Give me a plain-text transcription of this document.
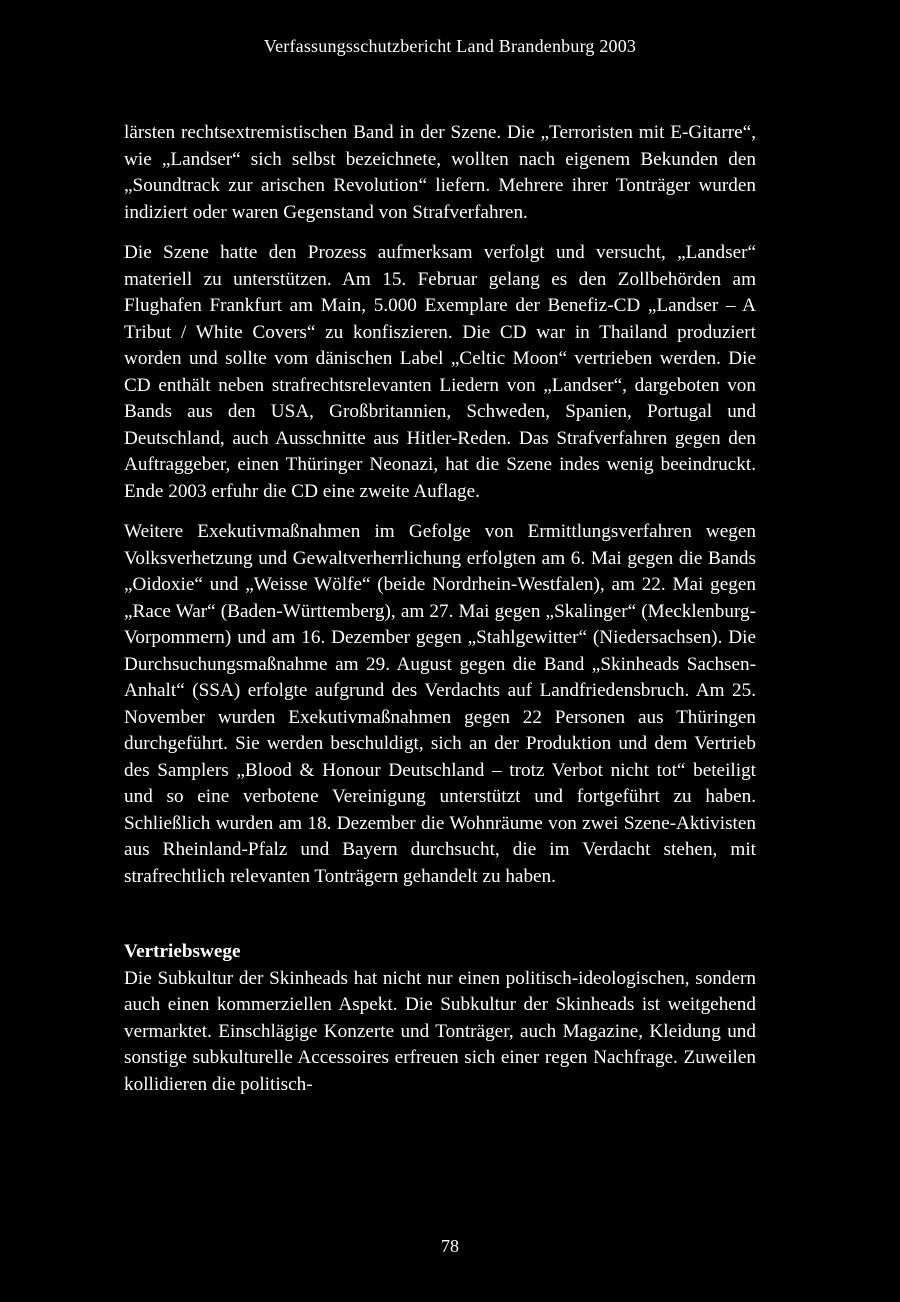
Verfassungsschutzbericht Land Brandenburg 2003

lärsten rechtsextremistischen Band in der Szene. Die „Terroristen mit E-Gitarre“, wie „Landser“ sich selbst bezeichnete, wollten nach eigenem Bekunden den „Soundtrack zur arischen Revolution“ liefern. Mehrere ihrer Tonträger wurden indiziert oder waren Gegenstand von Strafverfahren.

Die Szene hatte den Prozess aufmerksam verfolgt und versucht, „Landser“ materiell zu unterstützen. Am 15. Februar gelang es den Zollbehörden am Flughafen Frankfurt am Main, 5.000 Exemplare der Benefiz-CD „Landser – A Tribut / White Covers“ zu konfiszieren. Die CD war in Thailand produziert worden und sollte vom dänischen Label „Celtic Moon“ vertrieben werden. Die CD enthält neben strafrechtsrelevanten Liedern von „Landser“, dargeboten von Bands aus den USA, Großbritannien, Schweden, Spanien, Portugal und Deutschland, auch Ausschnitte aus Hitler-Reden. Das Strafverfahren gegen den Auftraggeber, einen Thüringer Neonazi, hat die Szene indes wenig beeindruckt. Ende 2003 erfuhr die CD eine zweite Auflage.

Weitere Exekutivmaßnahmen im Gefolge von Ermittlungsverfahren wegen Volksverhetzung und Gewaltverherrlichung erfolgten am 6. Mai gegen die Bands „Oidoxie“ und „Weisse Wölfe“ (beide Nordrhein-Westfalen), am 22. Mai gegen „Race War“ (Baden-Württemberg), am 27. Mai gegen „Skalinger“ (Mecklenburg-Vorpommern) und am 16. Dezember gegen „Stahlgewitter“ (Niedersachsen). Die Durchsuchungsmaßnahme am 29. August gegen die Band „Skinheads Sachsen-Anhalt“ (SSA) erfolgte aufgrund des Verdachts auf Landfriedensbruch. Am 25. November wurden Exekutivmaßnahmen gegen 22 Personen aus Thüringen durchgeführt. Sie werden beschuldigt, sich an der Produktion und dem Vertrieb des Samplers „Blood & Honour Deutschland – trotz Verbot nicht tot“ beteiligt und so eine verbotene Vereinigung unterstützt und fortgeführt zu haben. Schließlich wurden am 18. Dezember die Wohnräume von zwei Szene-Aktivisten aus Rheinland-Pfalz und Bayern durchsucht, die im Verdacht stehen, mit strafrechtlich relevanten Tonträgern gehandelt zu haben.

Vertriebswege

Die Subkultur der Skinheads hat nicht nur einen politisch-ideologischen, sondern auch einen kommerziellen Aspekt. Die Subkultur der Skinheads ist weitgehend vermarktet. Einschlägige Konzerte und Tonträger, auch Magazine, Kleidung und sonstige subkulturelle Accessoires erfreuen sich einer regen Nachfrage. Zuweilen kollidieren die politisch-

78
